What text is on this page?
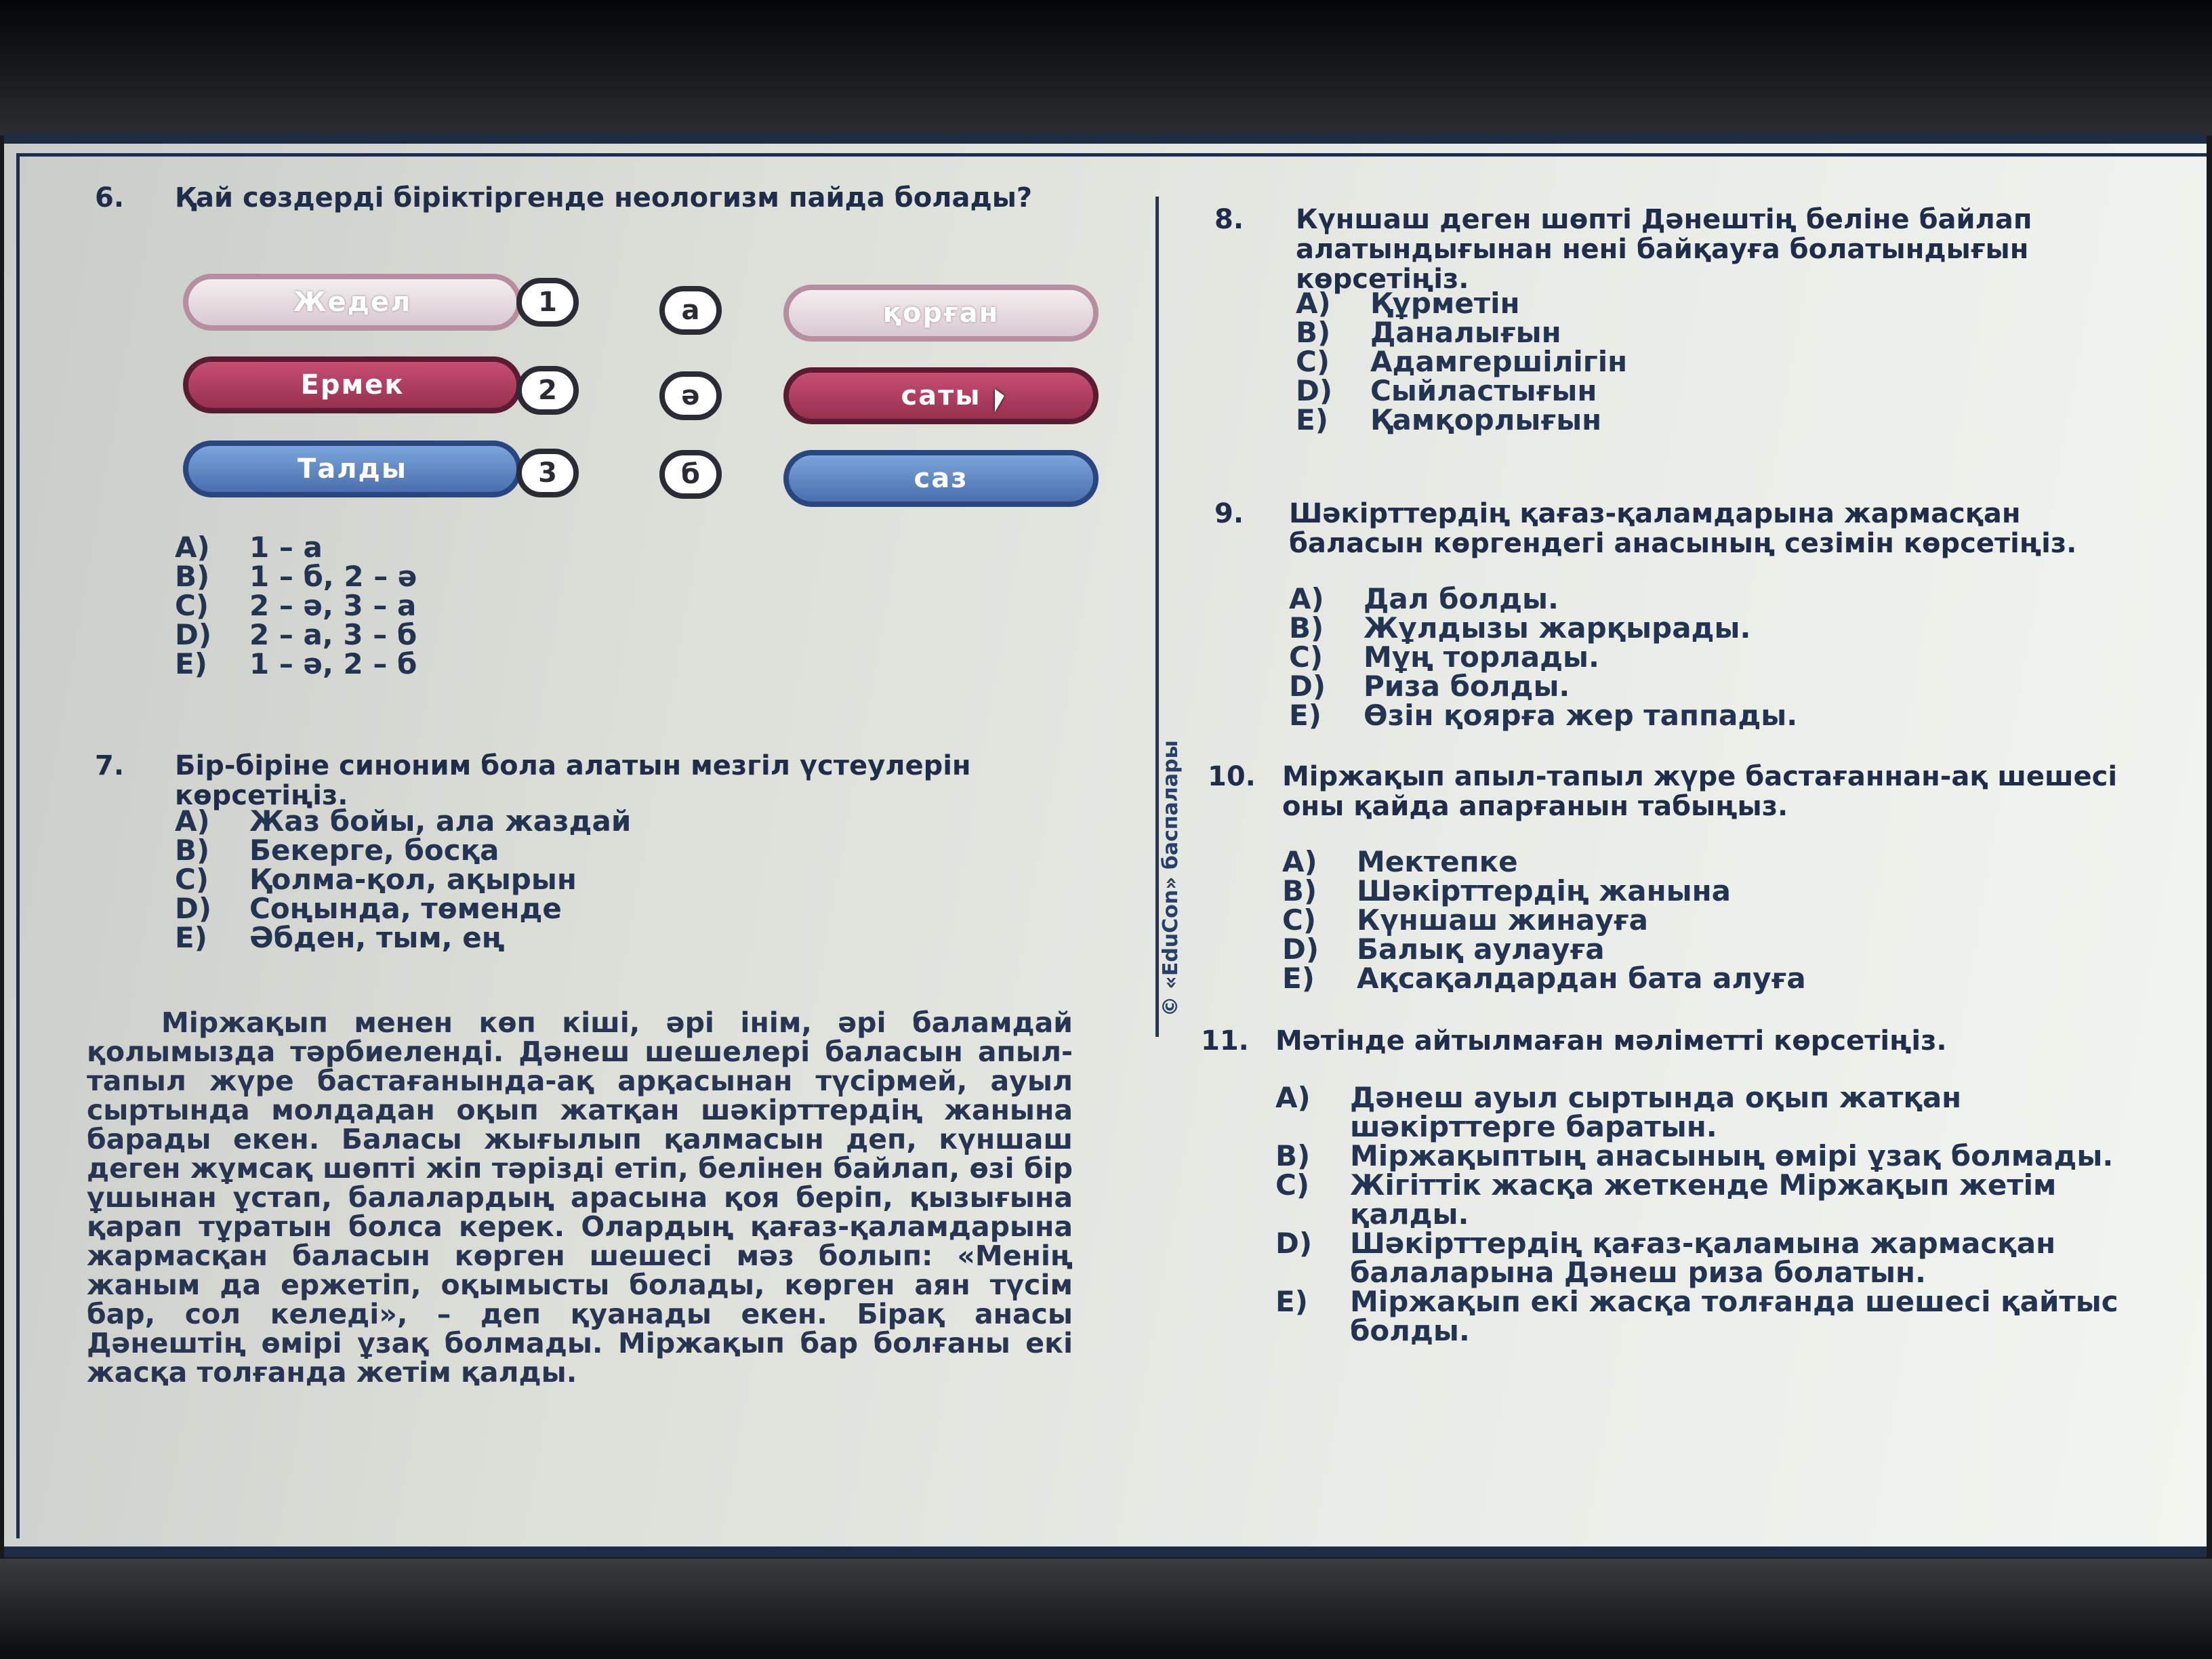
© «EduCon» баспалары
6. Қай сөздерді біріктіргенде неологизм пайда болады?
Жедел	1	а	қорған
Ермек	2	ә	саты
Талды	3	б	саз
A) 1 – а
B) 1 – б, 2 – ә
C) 2 – ә, 3 – а
D) 2 – а, 3 – б
E) 1 – ә, 2 – б
7. Бір-біріне синоним бола алатын мезгіл үстеулерін көрсетіңіз.
A) Жаз бойы, ала жаздай
B) Бекерге, босқа
C) Қолма-қол, ақырын
D) Соңында, төменде
E) Әбден, тым, ең
Міржақып менен көп кіші, әрі інім, әрі баламдай қолымызда тәрбиеленді. Дәнеш шешелері баласын апыл-тапыл жүре бастағанында-ақ арқасынан түсірмей, ауыл сыртында молдадан оқып жатқан шәкірттердің жанына барады екен. Баласы жығылып қалмасын деп, күншаш деген жұмсақ шөпті жіп тәрізді етіп, белінен байлап, өзі бір ұшынан ұстап, балалардың арасына қоя беріп, қызығына қарап тұратын болса керек. Олардың қағаз-қаламдарына жармасқан баласын көрген шешесі мәз болып: «Менің жаным да ержетіп, оқымысты болады, көрген аян түсім бар, сол келеді», – деп қуанады екен. Бірақ анасы Дәнештің өмірі ұзақ болмады. Міржақып бар болғаны екі жасқа толғанда жетім қалды.
8. Күншаш деген шөпті Дәнештің беліне байлап алатындығынан нені байқауға болатындығын көрсетіңіз.
A) Құрметін
B) Даналығын
C) Адамгершілігін
D) Сыйластығын
E) Қамқорлығын
9. Шәкірттердің қағаз-қаламдарына жармасқан баласын көргендегі анасының сезімін көрсетіңіз.
A) Дал болды.
B) Жұлдызы жарқырады.
C) Мұң торлады.
D) Риза болды.
E) Өзін қоярға жер таппады.
10. Міржақып апыл-тапыл жүре бастағаннан-ақ шешесі оны қайда апарғанын табыңыз.
A) Мектепке
B) Шәкірттердің жанына
C) Күншаш жинауға
D) Балық аулауға
E) Ақсақалдардан бата алуға
11. Мәтінде айтылмаған мәліметті көрсетіңіз.
A)	Дәнеш ауыл сыртында оқып жатқан шәкірттерге баратын.
B)	Міржақыптың анасының өмірі ұзақ болмады.
C)	Жігіттік жасқа жеткенде Міржақып жетім қалды.
D)	Шәкірттердің қағаз-қаламына жармасқан балаларына Дәнеш риза болатын.
E)	Міржақып екі жасқа толғанда шешесі қайтыс болды.
